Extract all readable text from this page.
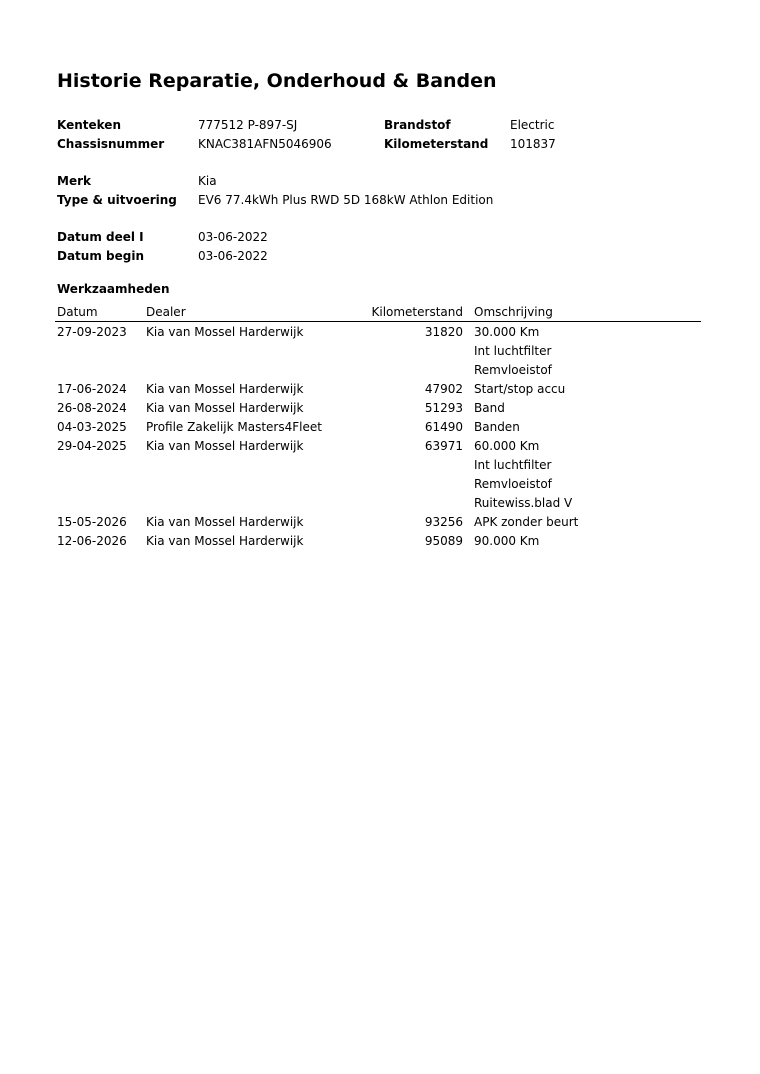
Historie Reparatie, Onderhoud & Banden
Kenteken	777512 P-897-SJ	Brandstof	Electric
Chassisnummer	KNAC381AFN5046906	Kilometerstand 101837
Merk	Kia
Type & uitvoering EV6 77.4kWh Plus RWD 5D 168kW Athlon Edition
Datum deel I	03-06-2022
Datum begin	03-06-2022
Werkzaamheden
Datum	Dealer	Kilometerstand Omschrijving
27-09-2023 Kia van Mossel Harderwijk	31820 30.000 Km
Int luchtfilter
Remvloeistof
17-06-2024 Kia van Mossel Harderwijk	47902 Start/stop accu
26-08-2024 Kia van Mossel Harderwijk	51293 Band
04-03-2025 Profile Zakelijk Masters4Fleet	61490 Banden
29-04-2025 Kia van Mossel Harderwijk	63971 60.000 Km
Int luchtfilter
Remvloeistof
Ruitewiss.blad V
15-05-2026 Kia van Mossel Harderwijk	93256 APK zonder beurt
12-06-2026 Kia van Mossel Harderwijk	95089 90.000 Km
